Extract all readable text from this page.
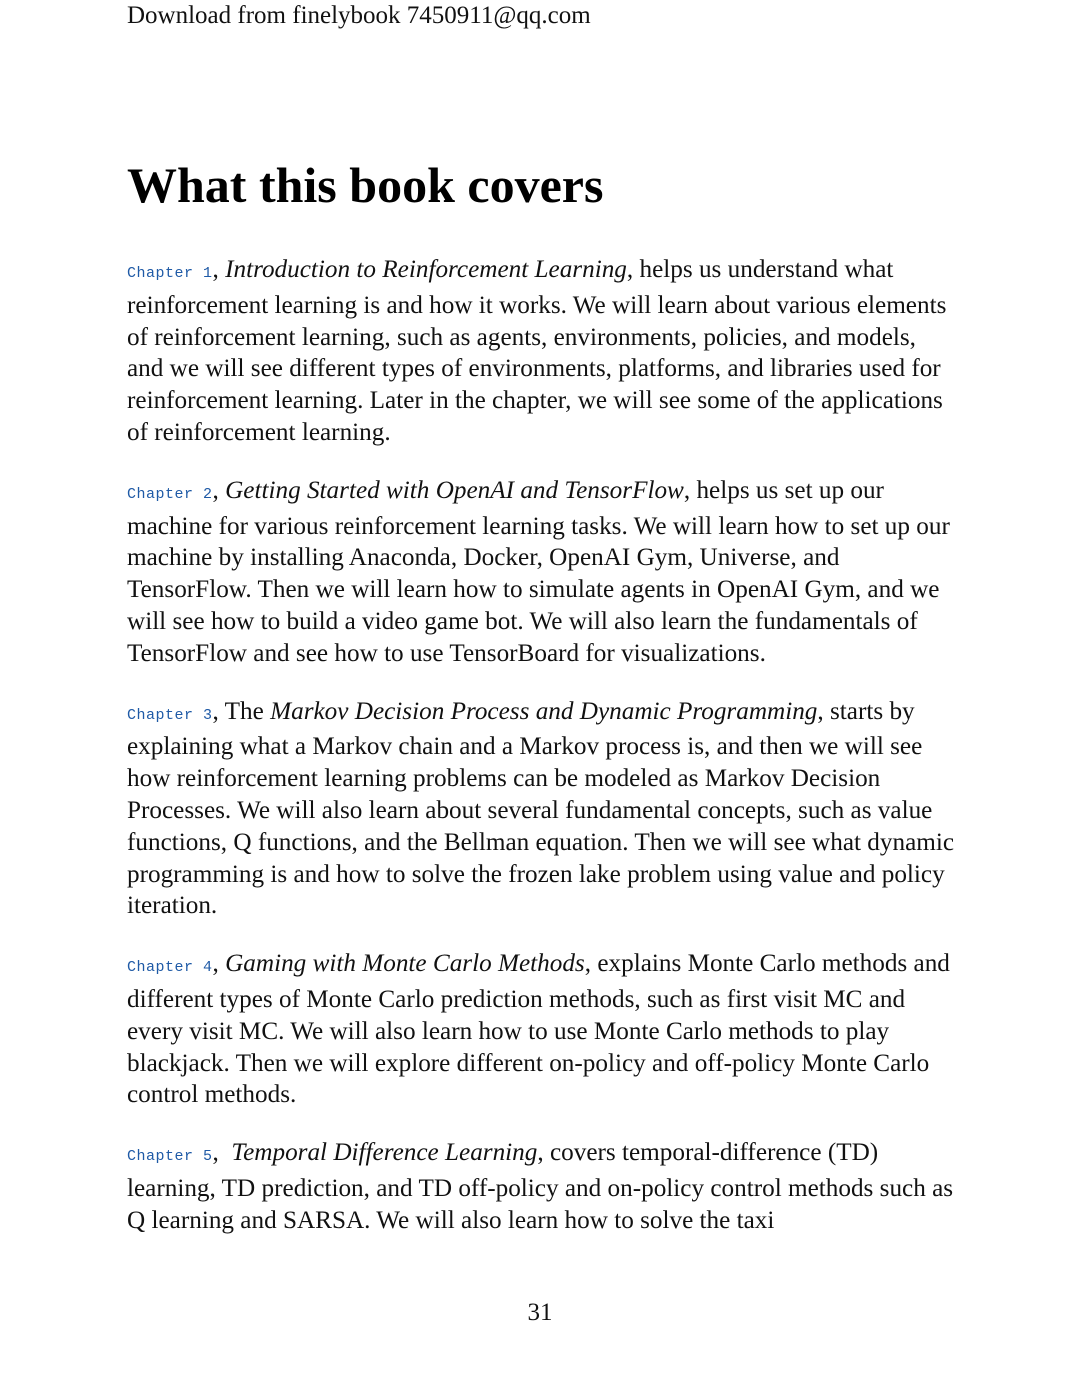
Download from finelybook 7450911@qq.com
What this book covers

Chapter 1, Introduction to Reinforcement Learning, helps us understand what reinforcement learning is and how it works. We will learn about various elements of reinforcement learning, such as agents, environments, policies, and models, and we will see different types of environments, platforms, and libraries used for reinforcement learning. Later in the chapter, we will see some of the applications of reinforcement learning.

Chapter 2, Getting Started with OpenAI and TensorFlow, helps us set up our machine for various reinforcement learning tasks. We will learn how to set up our machine by installing Anaconda, Docker, OpenAI Gym, Universe, and TensorFlow. Then we will learn how to simulate agents in OpenAI Gym, and we will see how to build a video game bot. We will also learn the fundamentals of TensorFlow and see how to use TensorBoard for visualizations.

Chapter 3, The Markov Decision Process and Dynamic Programming, starts by explaining what a Markov chain and a Markov process is, and then we will see how reinforcement learning problems can be modeled as Markov Decision Processes. We will also learn about several fundamental concepts, such as value functions, Q functions, and the Bellman equation. Then we will see what dynamic programming is and how to solve the frozen lake problem using value and policy iteration.

Chapter 4, Gaming with Monte Carlo Methods, explains Monte Carlo methods and different types of Monte Carlo prediction methods, such as first visit MC and every visit MC. We will also learn how to use Monte Carlo methods to play blackjack. Then we will explore different on-policy and off-policy Monte Carlo control methods.

Chapter 5,  Temporal Difference Learning, covers temporal-difference (TD) learning, TD prediction, and TD off-policy and on-policy control methods such as Q learning and SARSA. We will also learn how to solve the taxi

31
